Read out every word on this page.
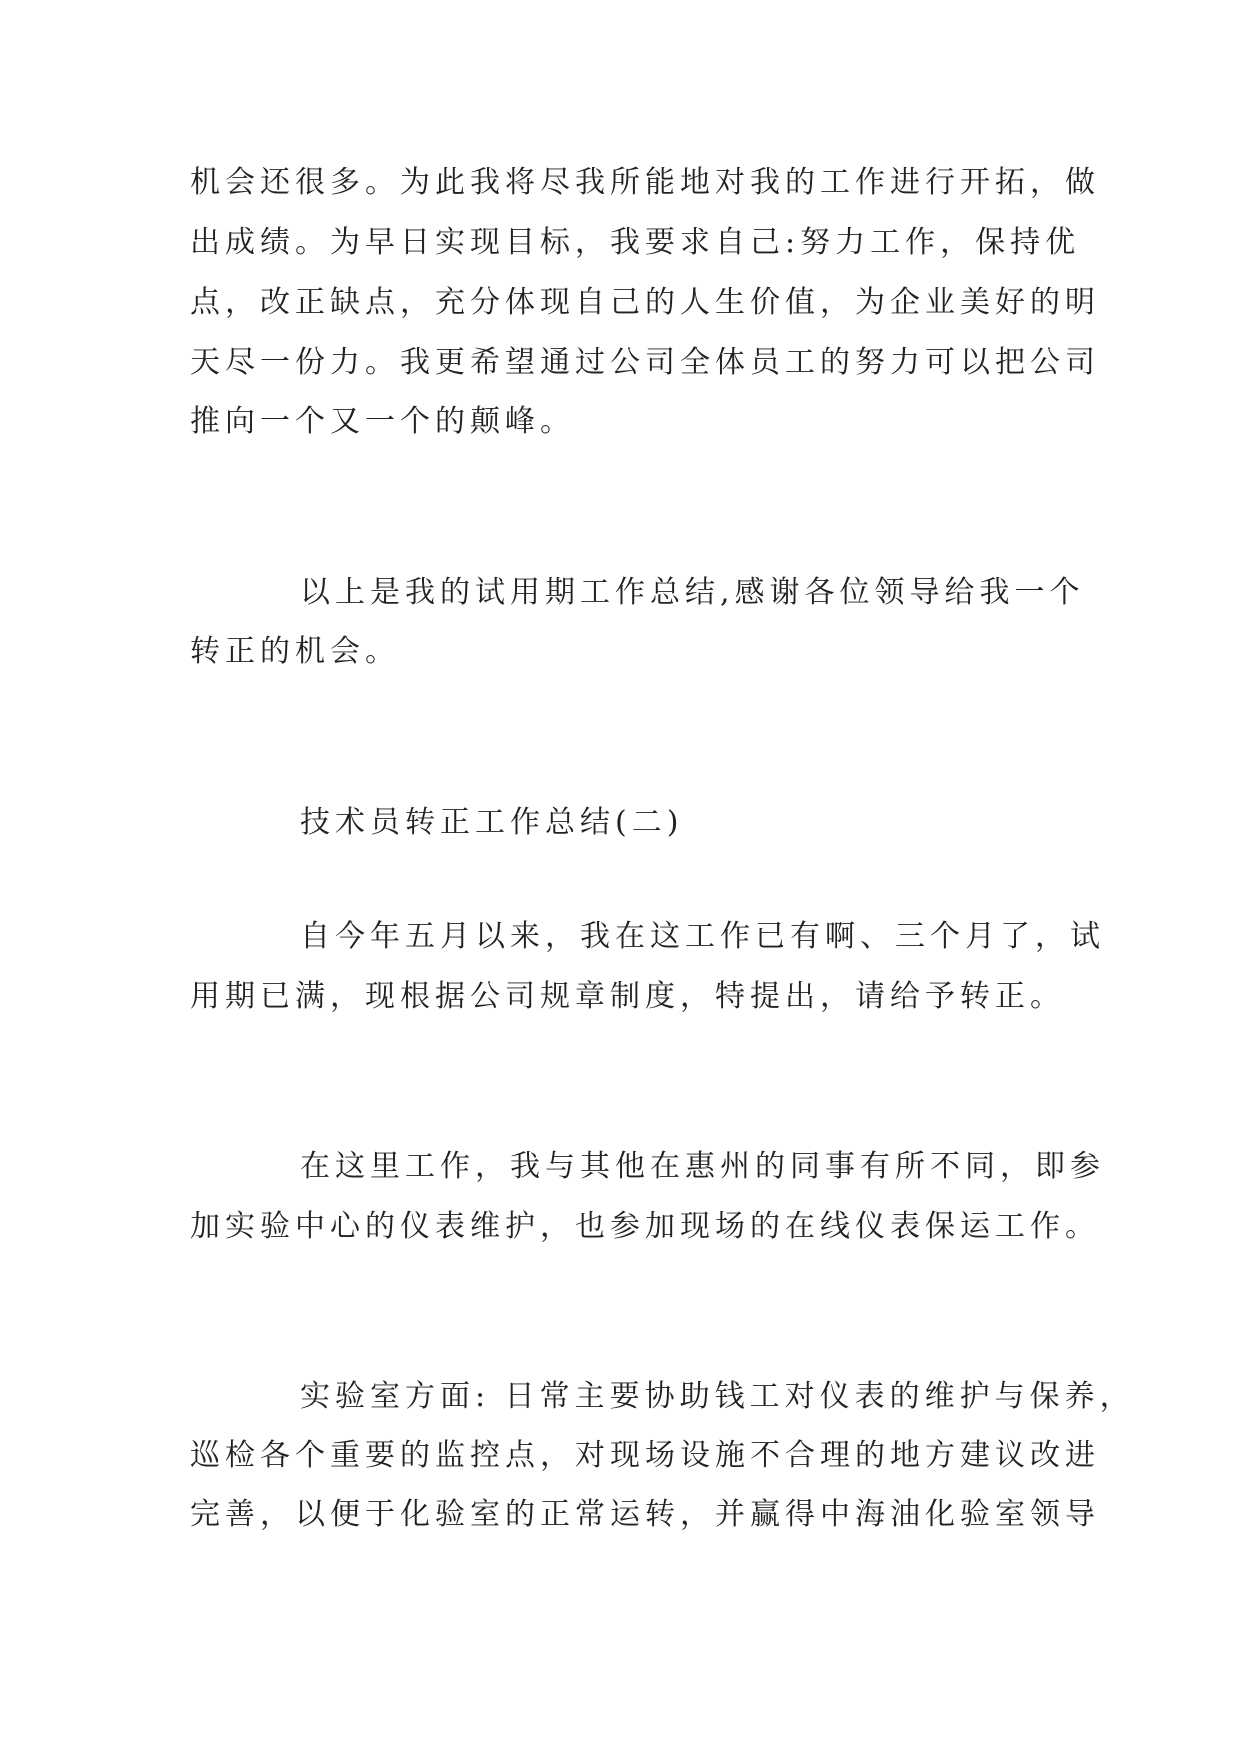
机会还很多。为此我将尽我所能地对我的工作进行开拓，做
出成绩。为早日实现目标，我要求自己:努力工作，保持优
点，改正缺点，充分体现自己的人生价值，为企业美好的明
天尽一份力。我更希望通过公司全体员工的努力可以把公司
推向一个又一个的颠峰。
以上是我的试用期工作总结,感谢各位领导给我一个
转正的机会。
技术员转正工作总结(二)
自今年五月以来，我在这工作已有啊、三个月了，试
用期已满，现根据公司规章制度，特提出，请给予转正。
在这里工作，我与其他在惠州的同事有所不同，即参
加实验中心的仪表维护，也参加现场的在线仪表保运工作。
实验室方面: 日常主要协助钱工对仪表的维护与保养，
巡检各个重要的监控点，对现场设施不合理的地方建议改进
完善，以便于化验室的正常运转，并赢得中海油化验室领导
